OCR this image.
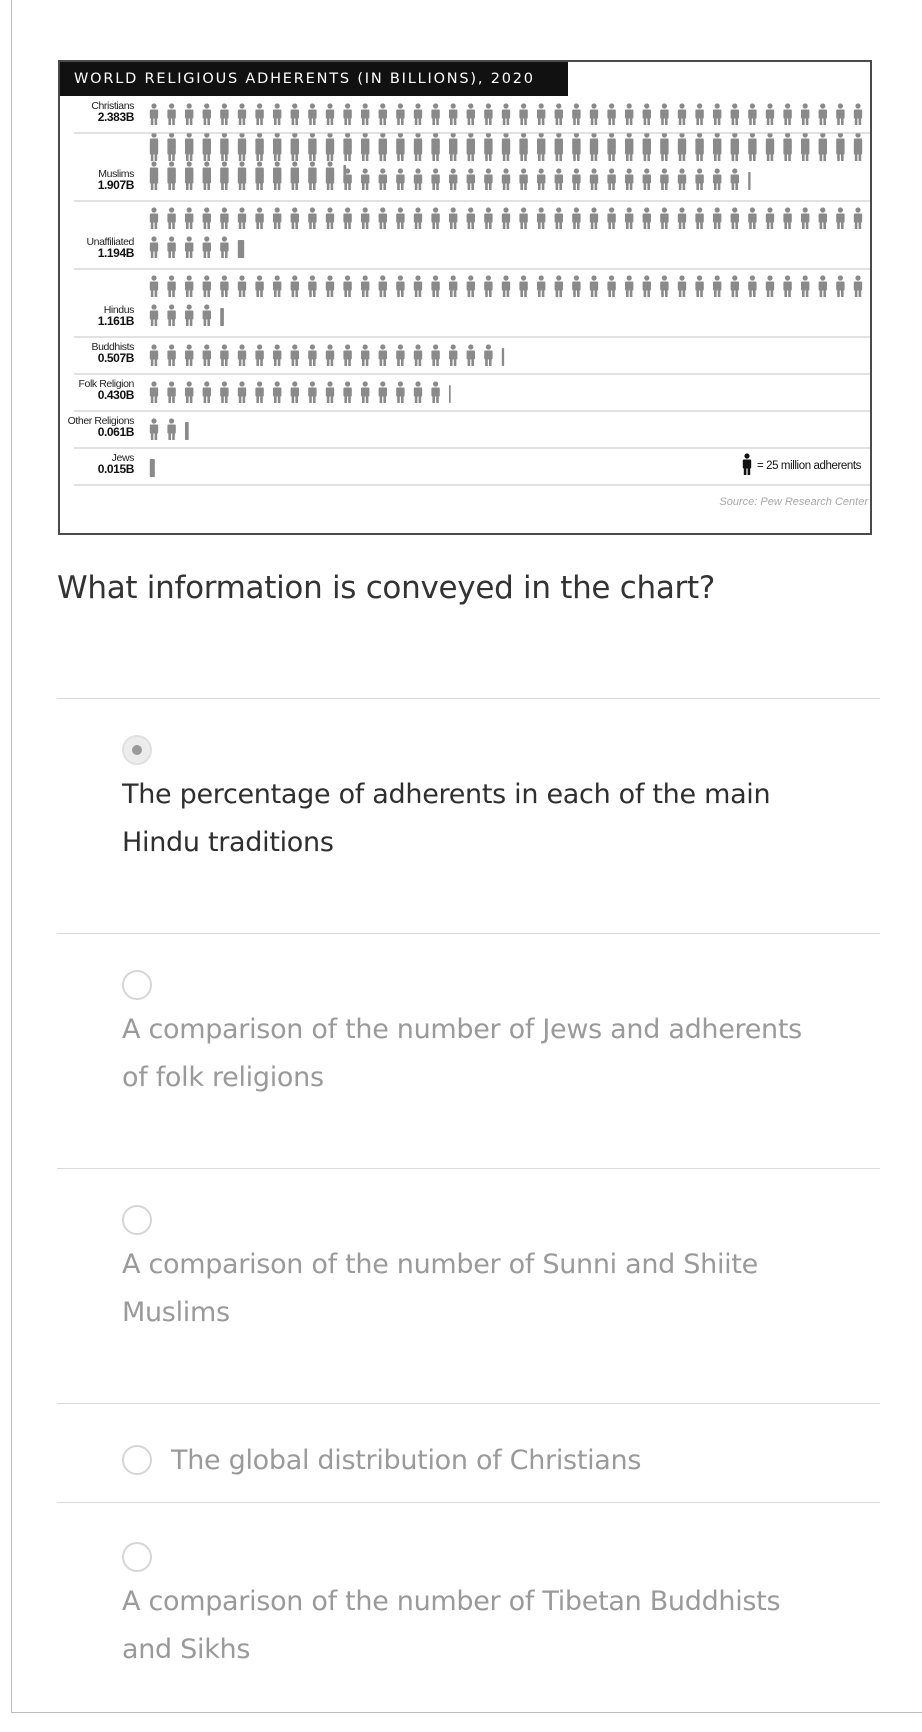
Christians
2.383B
Muslims
1.907B
Unaffiliated
1.194B
Hindus
1.161B
Buddhists
0.507B
Folk Religion
0.430B
Other Religions
0.061B
Jews
0.015B	= 25 million adherents
Source: Pew Research Center
WORLD RELIGIOUS ADHERENTS (IN BILLIONS), 2020
What information is conveyed in the chart?
The percentage of adherents in each of the main
Hindu traditions
A comparison of the number of Jews and adherents
of folk religions
A comparison of the number of Sunni and Shiite
Muslims
The global distribution of Christians
A comparison of the number of Tibetan Buddhists
and Sikhs
